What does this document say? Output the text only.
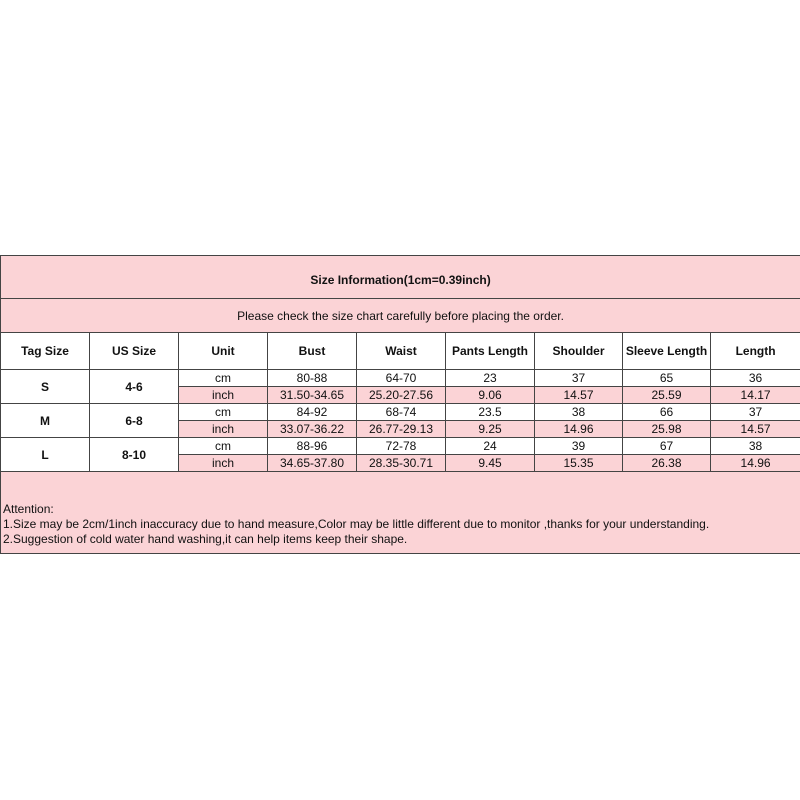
Size Information(1cm=0.39inch)								
Please check the size chart carefully before placing the order.								
Tag Size	US Size	Unit	Bust	Waist	Pants Length	Shoulder	Sleeve Length	Length
S	4-6	cm	80-88	64-70	23	37	65	36
		inch	31.50-34.65	25.20-27.56	9.06	14.57	25.59	14.17
M	6-8	cm	84-92	68-74	23.5	38	66	37
		inch	33.07-36.22	26.77-29.13	9.25	14.96	25.98	14.57
L	8-10	cm	88-96	72-78	24	39	67	38
		inch	34.65-37.80	28.35-30.71	9.45	15.35	26.38	14.96

Attention:
1.Size may be 2cm/1inch inaccuracy due to hand measure,Color may be little different due to monitor ,thanks for your understanding.
2.Suggestion of cold water hand washing,it can help items keep their shape.								
